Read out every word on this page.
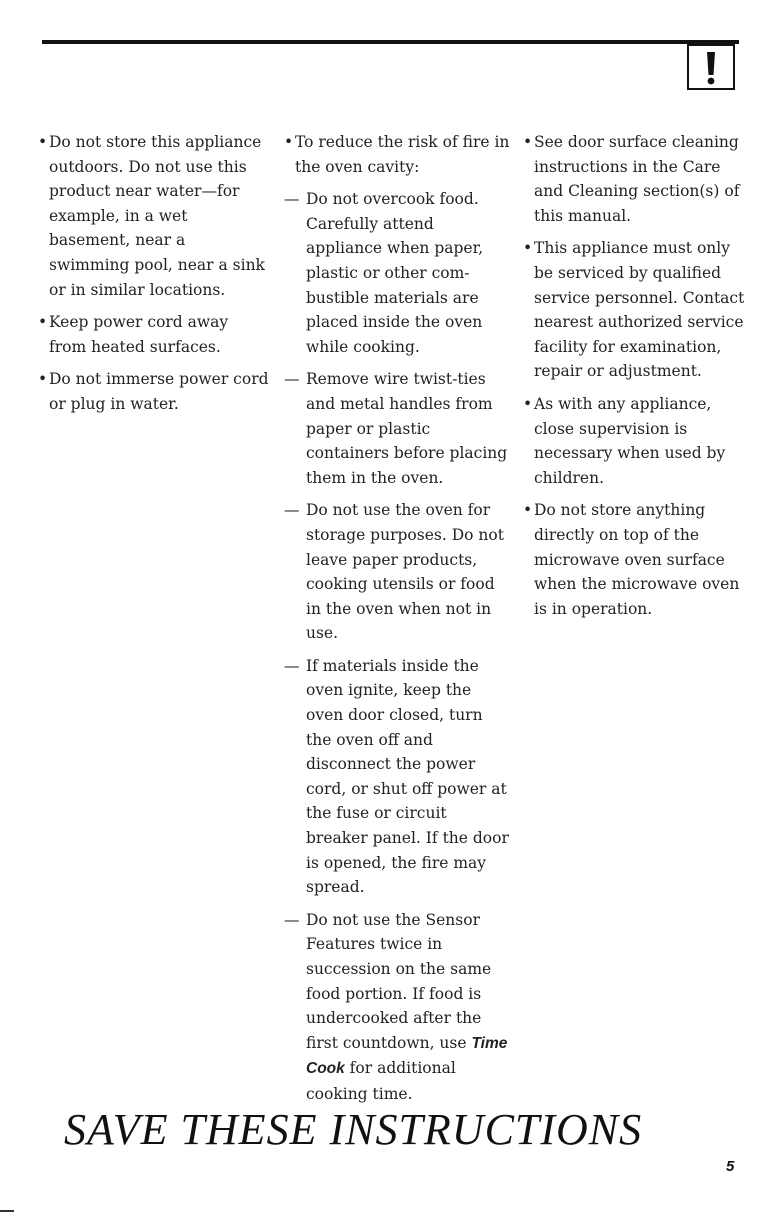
• Do not store this appliance outdoors. Do not use this product near water—for example, in a wet basement, near a swimming pool, near a sink or in similar locations.
• Keep power cord away from heated surfaces.
• Do not immerse power cord or plug in water.
• To reduce the risk of fire in the oven cavity:
— Do not overcook food. Carefully attend appliance when paper, plastic or other com-bustible materials are placed inside the oven while cooking.
— Remove wire twist-ties and metal handles from paper or plastic containers before placing them in the oven.
— Do not use the oven for storage purposes. Do not leave paper products, cooking utensils or food in the oven when not in use.
— If materials inside the oven ignite, keep the oven door closed, turn the oven off and disconnect the power cord, or shut off power at the fuse or circuit breaker panel. If the door is opened, the fire may spread.
— Do not use the Sensor Features twice in succession on the same food portion. If food is undercooked after the first countdown, use Time Cook for additional cooking time.
• See door surface cleaning instructions in the Care and Cleaning section(s) of this manual.
• This appliance must only be serviced by qualified service personnel. Contact nearest authorized service facility for examination, repair or adjustment.
• As with any appliance, close supervision is necessary when used by children.
• Do not store anything directly on top of the microwave oven surface when the microwave oven is in operation.
SAVE THESE INSTRUCTIONS
5
